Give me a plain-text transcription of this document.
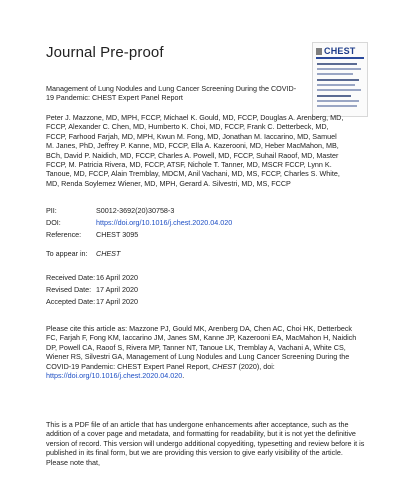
Journal Pre-proof	CHEST
Management of Lung Nodules and Lung Cancer Screening During the COVID-19 Pandemic: CHEST Expert Panel Report
Peter J. Mazzone, MD, MPH, FCCP, Michael K. Gould, MD, FCCP, Douglas A. Arenberg, MD, FCCP, Alexander C. Chen, MD, Humberto K. Choi, MD, FCCP, Frank C. Detterbeck, MD, FCCP, Farhood Farjah, MD, MPH, Kwun M. Fong, MD, Jonathan M. Iaccarino, MD, Samuel M. Janes, PhD, Jeffrey P. Kanne, MD, FCCP, Ella A. Kazerooni, MD, Heber MacMahon, MB, BCh, David P. Naidich, MD, FCCP, Charles A. Powell, MD, FCCP, Suhail Raoof, MD, Master FCCP, M. Patricia Rivera, MD, FCCP, ATSF, Nichole T. Tanner, MD, MSCR FCCP, Lynn K. Tanoue, MD, FCCP, Alain Tremblay, MDCM, Anil Vachani, MD, MS, FCCP, Charles S. White, MD, Renda Soylemez Wiener, MD, MPH, Gerard A. Silvestri, MD, MS, FCCP
PII:	S0012-3692(20)30758-3
DOI:	https://doi.org/10.1016/j.chest.2020.04.020
Reference: CHEST 3095
To appear in: CHEST
Received Date: 16 April 2020
Revised Date: 17 April 2020
Accepted Date: 17 April 2020
Please cite this article as: Mazzone PJ, Gould MK, Arenberg DA, Chen AC, Choi HK, Detterbeck FC, Farjah F, Fong KM, Iaccarino JM, Janes SM, Kanne JP, Kazerooni EA, MacMahon H, Naidich DP, Powell CA, Raoof S, Rivera MP, Tanner NT, Tanoue LK, Tremblay A, Vachani A, White CS, Wiener RS, Silvestri GA, Management of Lung Nodules and Lung Cancer Screening During the COVID-19 Pandemic: CHEST Expert Panel Report, CHEST (2020), doi: https://doi.org/10.1016/j.chest.2020.04.020.
This is a PDF file of an article that has undergone enhancements after acceptance, such as the addition of a cover page and metadata, and formatting for readability, but it is not yet the definitive version of record. This version will undergo additional copyediting, typesetting and review before it is published in its final form, but we are providing this version to give early visibility of the article. Please note that,
